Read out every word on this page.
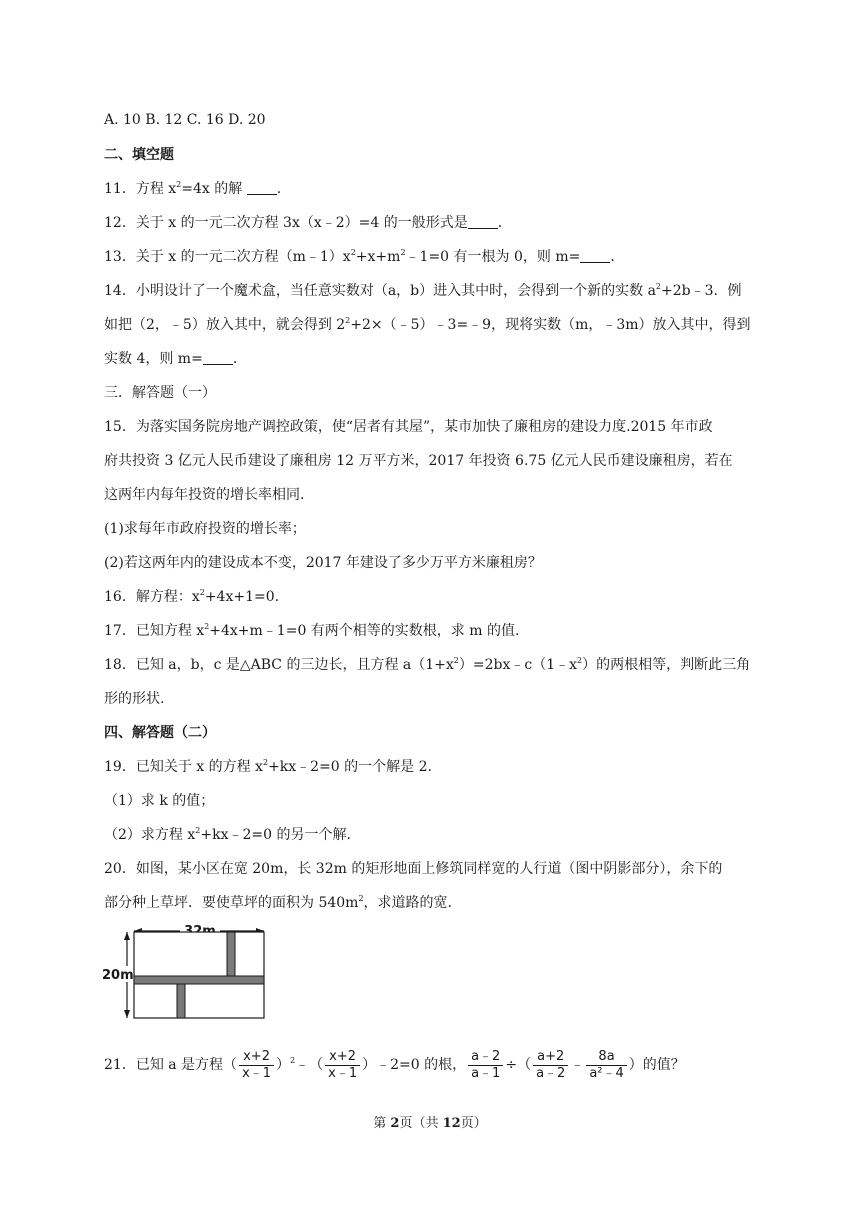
A. 10 B. 12 C. 16 D. 20
二、填空题
11．方程 $x^2=4x$ 的解 .
12．关于 x 的一元二次方程 3x（x﹣2）=4 的一般形式是 .
13．关于 x 的一元二次方程$(m﹣1)x^2+x+m^2﹣1=0$ 有一根为 0，则 m= ．
14．小明设计了一个魔术盒，当任意实数对（a，b）进入其中时，会得到一个新的实数 $a^2+2b﹣3$．例
如把（2，﹣5）放入其中，就会得到 $2^2+2\times(﹣5)﹣3=﹣9$，现将实数（m，﹣3m）放入其中，得到
实数 4，则 m= ．
三．解答题（一）
15．为落实国务院房地产调控政策，使“居者有其屋”，某市加快了廉租房的建设力度.2015 年市政
府共投资 3 亿元人民币建设了廉租房 12 万平方米，2017 年投资 6.75 亿元人民币建设廉租房，若在
这两年内每年投资的增长率相同.
(1)求每年市政府投资的增长率；
(2)若这两年内的建设成本不变，2017 年建设了多少万平方米廉租房？
16．解方程：$x^2+4x+1=0$.
17．已知方程 $x^2+4x+m﹣1=0$ 有两个相等的实数根，求 m 的值.
18．已知 a，b，c 是△ABC 的三边长，且方程 $a(1+x^2)=2bx﹣c(1﹣x^2)$的两根相等，判断此三角
形的形状.
四、解答题（二）
19．已知关于 x 的方程 $x^2+kx﹣2=0$ 的一个解是 2.
（1）求 k 的值；
（2）求方程 $x^2+kx﹣2=0$ 的另一个解.
20．如图，某小区在宽 20m，长 32m 的矩形地面上修筑同样宽的人行道（图中阴影部分），余下的
部分种上草坪．要使草坪的面积为 $540m^2$，求道路的宽.
20m
21．已知 a 是方程（ $\frac{x+2}{x﹣1}$ ）$^2$﹣（ $\frac{x+2}{x﹣1}$ ）﹣2=0 的根， $\frac{a﹣2}{a﹣1}$ ÷（ $\frac{a+2}{a﹣2}$ ﹣ $\frac{8a}{\text{a²﹣4}}$ ）的值？
第 2页（共 12页）
